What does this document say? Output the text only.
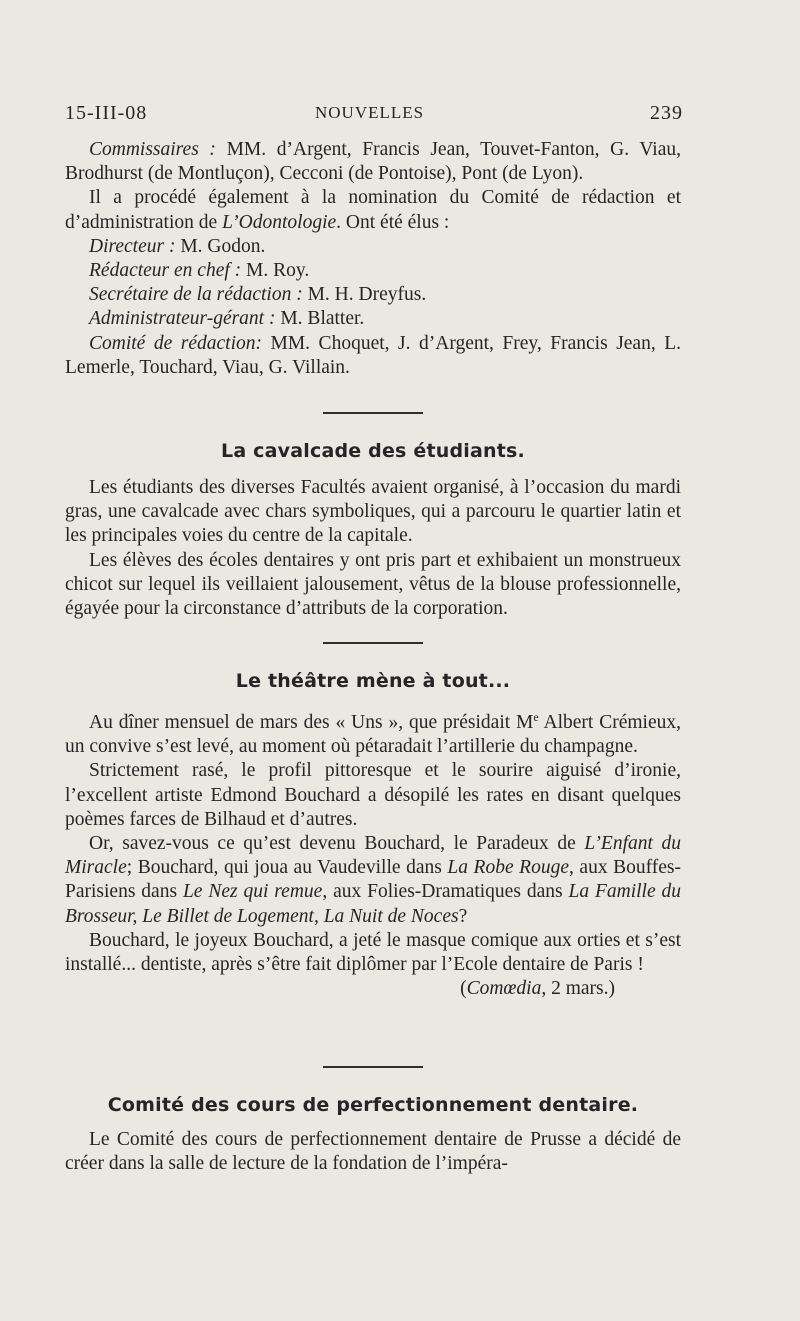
15-III-08	NOUVELLES	239

Commissaires : MM. d’Argent, Francis Jean, Touvet-Fanton, G. Viau, Brodhurst (de Montluçon), Cecconi (de Pontoise), Pont (de Lyon).

Il a procédé également à la nomination du Comité de rédaction et d’administration de L’Odontologie. Ont été élus :

Directeur : M. Godon.

Rédacteur en chef : M. Roy.

Secrétaire de la rédaction : M. H. Dreyfus.

Administrateur-gérant : M. Blatter.

Comité de rédaction: MM. Choquet, J. d’Argent, Frey, Francis Jean, L. Lemerle, Touchard, Viau, G. Villain.

La cavalcade des étudiants.

Les étudiants des diverses Facultés avaient organisé, à l’occasion du mardi gras, une cavalcade avec chars symboliques, qui a parcouru le quartier latin et les principales voies du centre de la capitale.

Les élèves des écoles dentaires y ont pris part et exhibaient un monstrueux chicot sur lequel ils veillaient jalousement, vêtus de la blouse professionnelle, égayée pour la circonstance d’attributs de la corporation.

Le théâtre mène à tout...

Au dîner mensuel de mars des « Uns », que présidait Me Albert Crémieux, un convive s’est levé, au moment où pétaradait l’artillerie du champagne.

Strictement rasé, le profil pittoresque et le sourire aiguisé d’ironie, l’excellent artiste Edmond Bouchard a désopilé les rates en disant quelques poèmes farces de Bilhaud et d’autres.

Or, savez-vous ce qu’est devenu Bouchard, le Paradeux de L’Enfant du Miracle; Bouchard, qui joua au Vaudeville dans La Robe Rouge, aux Bouffes-Parisiens dans Le Nez qui remue, aux Folies-Dramatiques dans La Famille du Brosseur, Le Billet de Logement, La Nuit de Noces?

Bouchard, le joyeux Bouchard, a jeté le masque comique aux orties et s’est installé... dentiste, après s’être fait diplômer par l’Ecole dentaire de Paris !

(Comœdia, 2 mars.)

Comité des cours de perfectionnement dentaire.

Le Comité des cours de perfectionnement dentaire de Prusse a décidé de créer dans la salle de lecture de la fondation de l’impéra-
